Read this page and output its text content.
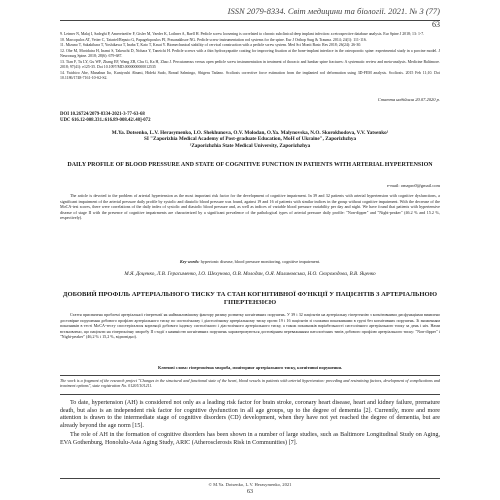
ISSN 2079-8334. Світ медицини та біології. 2021. № 3 (77)
63

9. Leimer N, Malaj I, Sadeghi P, Amereizeifer F, Gisler M, Vaeder K, Lothner A, Raell H. Pedicle screw loosening is correlated to chronic subclinical deep implant infection: a retrospective database analysis. Eur Spine J 2018; 13: 1-7.

10. Marcopulos AT, Vetter C, Tatariel/Reputo G, Papagelopoulos PJ, Prasanakhsoe NG. Pedicle screw instrumentation rod systems for the spine. Eur J Orthop Surg & Trauma. 2014; 24(1): 111-116.

11. Mizuno T, Sakakibara T, Yoshikawa T, Inaba T, Kato T, Kasai Y. Biomechanical stability of cervical construction with a pedicle screw system. Med Sci Monit Basic Res 2018; 26(24): 26-30.

12. Ohe M, Moridaira H, Inami S, Takeuchi D, Nohara Y, Taneichi H. Pedicle screws with a thin hydroxyapatite coating for improving fixation at the bone-implant interface in the osteoporotic spine: experimental study in a porcine model. J Neurosurg Spine. 2018; 28(6): 679-687.

13. Tian F, Tu LY, Gu WF, Zhang EF, Wang ZB, Chu G, Ka H, Zhao J. Percutaneous versus open pedicle screw instrumentation in treatment of thoracic and lumbar spine fractures: A systematic review and meta-analysis. Medicine Baltimore. 2018; 97(41): e125-35. Doi 10.1097/MD.0000000000012535

14. Yaichiro Abe, Manabun Ito, Kuniyoshi Abumi, Hideki Sudo, Ronad Salmingo, Shigeru Tadano. Scoliosis corrective force estimation from the implanted rod deformation using 3D-FEM analysis. Scoliosis. 2015 Feb 11;10. Doi 10.1186/1748-7161-10-S2-S2.

Стаття надійшла 20.07.2020 р.

DOI 10.26724/2079-8334-2021-3-77-63-68

UDC 616.12-008.331.:616.89-008.42/.48]-072

M.Ya. Dotsenko, L.V. Herasymenko, I.O. Shekhunova, O.V. Molodan, O.Ya. Malynovska, N.O. Skorokhodova, V.V. Yatsenko¹

SI "Zaporizhia Medical Academy of Post-graduate Education, MoH of Ukraine", Zaporizhzhya

¹Zaporizhzhia State Medical University, Zaporizhzhya

DAILY PROFILE OF BLOOD PRESSURE AND STATE OF COGNITIVE FUNCTION IN PATIENTS WITH ARTERIAL HYPERTENSION

e-mail: omapro0@gmail.com

The article is devoted to the problem of arterial hypertension as the most important risk factor for the development of cognitive impairment. In 39 and 32 patients with arterial hypertension with cognitive dysfunctions, a significant impairment of the arterial pressure daily profile by systolic and diastolic blood pressure was found, against 19 and 16 of patients with similar indices in the group without cognitive impairment. With the decrease of the MoCA-test scores, there were correlations of the daily index of systolic and diastolic blood pressure and, as well as indices of variable blood pressure variability per day and night. We have found that patients with hypertensive disease of stage II with the presence of cognitive impairments are characterized by a significant prevalence of the pathological types of arterial pressure daily profile: "Non-dipper" and "Night-peaker" (46.2 % and 15.2 %, respectively).

Key words: hypertonic disease, blood pressure monitoring, cognitive impairment.

М.Я. Доценко, Л.В. Герасименко, І.О. Шехунова, О.В. Молодан, О.Я. Малиновська, Н.О. Скороходова, В.В. Яценко

ДОБОВИЙ ПРОФІЛЬ АРТЕРІАЛЬНОГО ТИСКУ ТА СТАН КОГНІТИВНОЇ ФУНКЦІЇ У ПАЦІЄНТІВ З АРТЕРІАЛЬНОЮ ГІПЕРТЕНЗІЄЮ

Стаття присвячена проблемі артеріальної гіпертензії як найважливішому фактору ризику розвитку когнітивних порушень. У 39 і 32 пацієнтів на артеріальну гіпертензію з когнітивними дисфункціями виявлено достовірне порушення добового профілю артеріального тиску по систолічному і діастолічному артеріальному тиску проти 19 і 16 пацієнтів зі схожими показниками в групі без когнітивних порушень. Зі зниженням показників в тесті MoCA-тесту спостерігалися кореляції добового індексу систолічного і діастолічного артеріального тиску, а також показників варіабельності систолічного артеріального тиску за день і ніч. Нами встановлено, що пацієнти на гіпертонічну хворобу II стадії з наявністю когнітивних порушень характеризуються достовірним переважанням патологічних типів добового профілю артеріального тиску: "Non-dipper" і "Night-peaker" (46,2 % і 15,2 %, відповідно).

Ключові слова: гіпертонічна хвороба, моніторинг артеріального тиску, когнітивні порушення.
The work is a fragment of the research project "Changes in the structural and functional state of the heart, blood vessels in patients with arterial hypertension: preceding and restraining factors, development of complications and treatment options", state registration No. 0120U101211.

To date, hypertension (AH) is considered not only as a leading risk factor for brain stroke, coronary heart disease, heart and kidney failure, premature death, but also is an independent risk factor for cognitive dysfunction in all age groups, up to the degree of dementia [2]. Currently, more and more attention is drawn to the intermediate stage of cognitive disorders (CD) development, when they have not yet reached the degree of dementia, but are already beyond the age norm [15].

The role of AH in the formation of cognitive disorders has been shown in a number of large studies, such as Baltimore Longitudinal Study on Aging, EVA Gothenburg, Honolulu-Asia Aging Study, ARIC (Atherosclerosis Risk in Communities) [7].

© M.Ya. Dotsenko, L.V. Herasymenko, 2021
63
